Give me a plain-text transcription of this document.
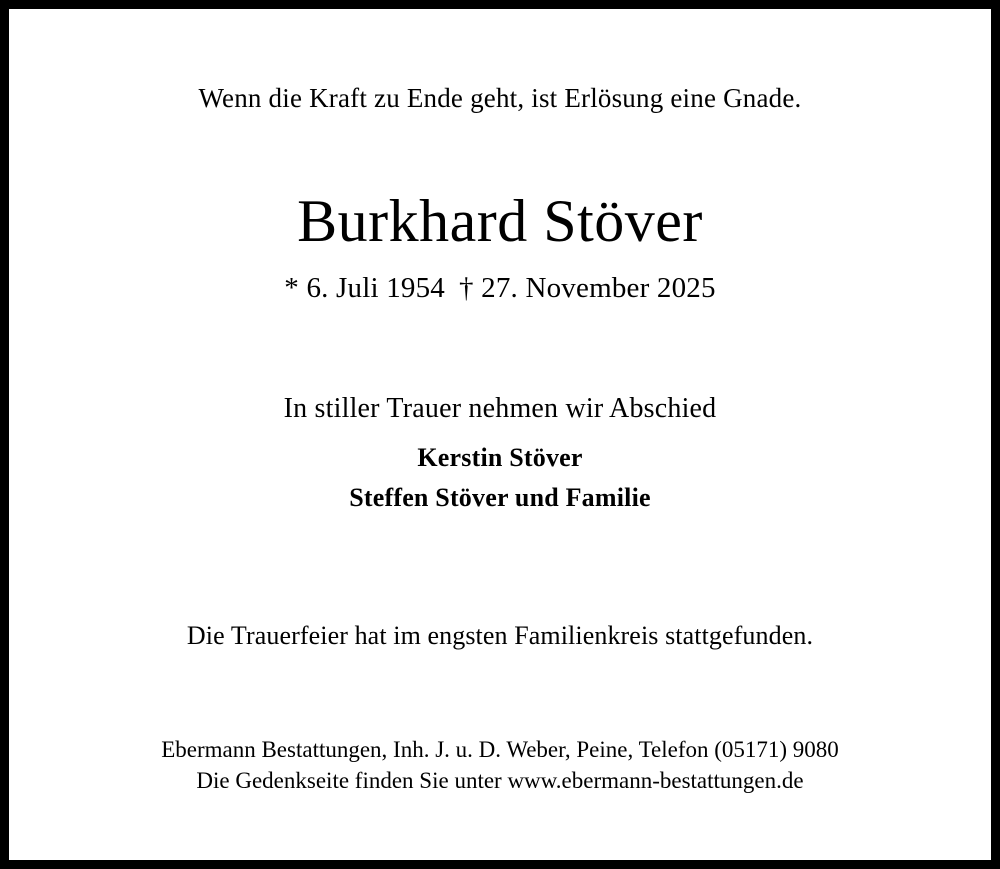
Wenn die Kraft zu Ende geht, ist Erlösung eine Gnade.
Burkhard Stöver
* 6. Juli 1954 † 27. November 2025
In stiller Trauer nehmen wir Abschied
Kerstin Stöver
Steffen Stöver und Familie
Die Trauerfeier hat im engsten Familienkreis stattgefunden.
Ebermann Bestattungen, Inh. J. u. D. Weber, Peine, Telefon (05171) 9080
Die Gedenkseite finden Sie unter www.ebermann-bestattungen.de
